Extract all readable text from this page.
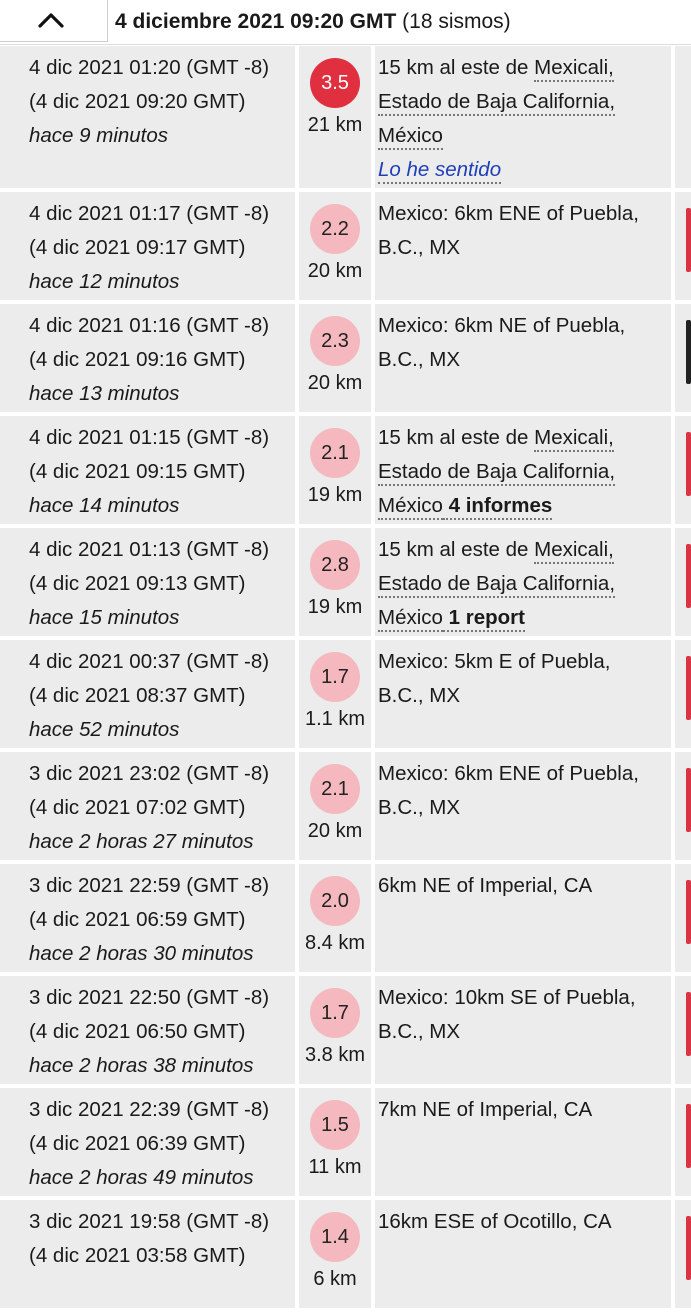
4 diciembre 2021 09:20 GMT (18 sismos)
4 dic 2021 01:20 (GMT -8)
(4 dic 2021 09:20 GMT)
hace 9 minutos
3.5
21 km
15 km al este de Mexicali,
Estado de Baja California,
México
Lo he sentido
4 dic 2021 01:17 (GMT -8)
(4 dic 2021 09:17 GMT)
hace 12 minutos
2.2
20 km
Mexico: 6km ENE of Puebla,
B.C., MX
4 dic 2021 01:16 (GMT -8)
(4 dic 2021 09:16 GMT)
hace 13 minutos
2.3
20 km
Mexico: 6km NE of Puebla,
B.C., MX
4 dic 2021 01:15 (GMT -8)
(4 dic 2021 09:15 GMT)
hace 14 minutos
2.1
19 km
15 km al este de Mexicali,
Estado de Baja California,
México 4 informes
4 dic 2021 01:13 (GMT -8)
(4 dic 2021 09:13 GMT)
hace 15 minutos
2.8
19 km
15 km al este de Mexicali,
Estado de Baja California,
México 1 report
4 dic 2021 00:37 (GMT -8)
(4 dic 2021 08:37 GMT)
hace 52 minutos
1.7
1.1 km
Mexico: 5km E of Puebla,
B.C., MX
3 dic 2021 23:02 (GMT -8)
(4 dic 2021 07:02 GMT)
hace 2 horas 27 minutos
2.1
20 km
Mexico: 6km ENE of Puebla,
B.C., MX
3 dic 2021 22:59 (GMT -8)
(4 dic 2021 06:59 GMT)
hace 2 horas 30 minutos
2.0
8.4 km
6km NE of Imperial, CA
3 dic 2021 22:50 (GMT -8)
(4 dic 2021 06:50 GMT)
hace 2 horas 38 minutos
1.7
3.8 km
Mexico: 10km SE of Puebla,
B.C., MX
3 dic 2021 22:39 (GMT -8)
(4 dic 2021 06:39 GMT)
hace 2 horas 49 minutos
1.5
11 km
7km NE of Imperial, CA
3 dic 2021 19:58 (GMT -8)
(4 dic 2021 03:58 GMT)
1.4
6 km
16km ESE of Ocotillo, CA
